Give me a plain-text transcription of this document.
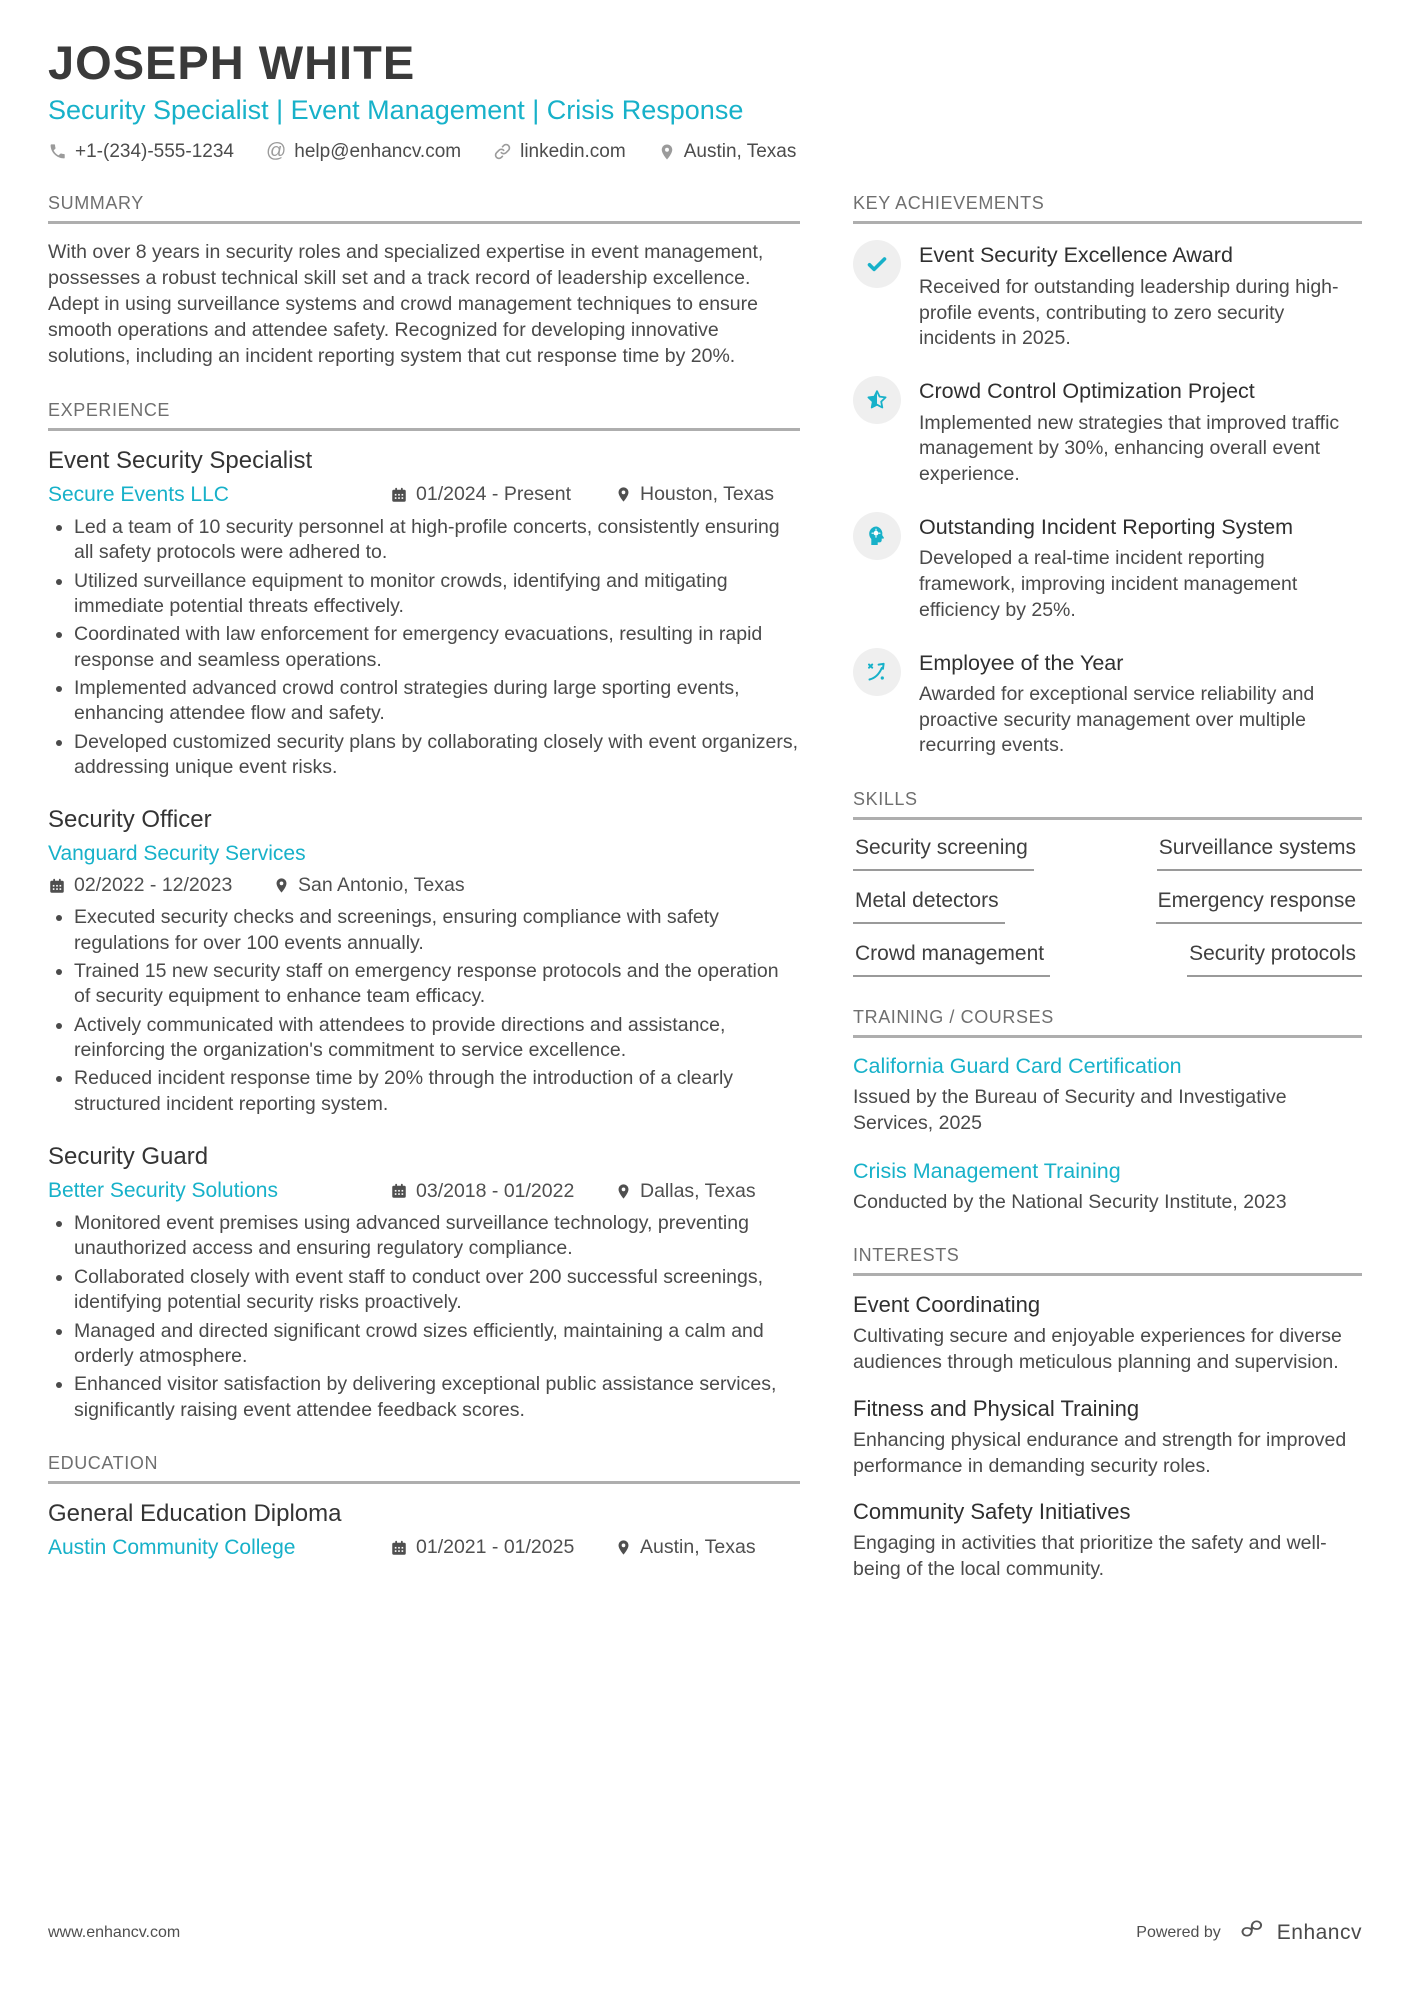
JOSEPH WHITE
Security Specialist | Event Management | Crisis Response
+1-(234)-555-1234 @ help@enhancv.com	linkedin.com	Austin, Texas
SUMMARY
With over 8 years in security roles and specialized expertise in event management, possesses a robust technical skill set and a track record of leadership excellence. Adept in using surveillance systems and crowd management techniques to ensure smooth operations and attendee safety. Recognized for developing innovative solutions, including an incident reporting system that cut response time by 20%.
EXPERIENCE
Event Security Specialist
Secure Events LLC	01/2024 - Present	Houston, Texas
• Led a team of 10 security personnel at high-profile concerts, consistently ensuring all safety protocols were adhered to.
• Utilized surveillance equipment to monitor crowds, identifying and mitigating immediate potential threats effectively.
• Coordinated with law enforcement for emergency evacuations, resulting in rapid response and seamless operations.
• Implemented advanced crowd control strategies during large sporting events, enhancing attendee flow and safety.
• Developed customized security plans by collaborating closely with event organizers, addressing unique event risks.
Security Officer
Vanguard Security Services
02/2022 - 12/2023	San Antonio, Texas
• Executed security checks and screenings, ensuring compliance with safety regulations for over 100 events annually.
• Trained 15 new security staff on emergency response protocols and the operation of security equipment to enhance team efficacy.
• Actively communicated with attendees to provide directions and assistance, reinforcing the organization's commitment to service excellence.
• Reduced incident response time by 20% through the introduction of a clearly structured incident reporting system.
Security Guard
Better Security Solutions	03/2018 - 01/2022	Dallas, Texas
• Monitored event premises using advanced surveillance technology, preventing unauthorized access and ensuring regulatory compliance.
• Collaborated closely with event staff to conduct over 200 successful screenings, identifying potential security risks proactively.
• Managed and directed significant crowd sizes efficiently, maintaining a calm and orderly atmosphere.
• Enhanced visitor satisfaction by delivering exceptional public assistance services, significantly raising event attendee feedback scores.
EDUCATION
General Education Diploma
Austin Community College	01/2021 - 01/2025	Austin, Texas
KEY ACHIEVEMENTS
Event Security Excellence Award
Received for outstanding leadership during high-profile events, contributing to zero security incidents in 2025.
Crowd Control Optimization Project
Implemented new strategies that improved traffic management by 30%, enhancing overall event experience.
Outstanding Incident Reporting System
Developed a real-time incident reporting framework, improving incident management efficiency by 25%.
Employee of the Year
Awarded for exceptional service reliability and proactive security management over multiple recurring events.
SKILLS
Security screening	Surveillance systems
Metal detectors	Emergency response
Crowd management	Security protocols
TRAINING / COURSES
California Guard Card Certification
Issued by the Bureau of Security and Investigative Services, 2025
Crisis Management Training
Conducted by the National Security Institute, 2023
INTERESTS
Event Coordinating
Cultivating secure and enjoyable experiences for diverse audiences through meticulous planning and supervision.
Fitness and Physical Training
Enhancing physical endurance and strength for improved performance in demanding security roles.
Community Safety Initiatives
Engaging in activities that prioritize the safety and well-being of the local community.
www.enhancv.com	Powered by	Enhancv
